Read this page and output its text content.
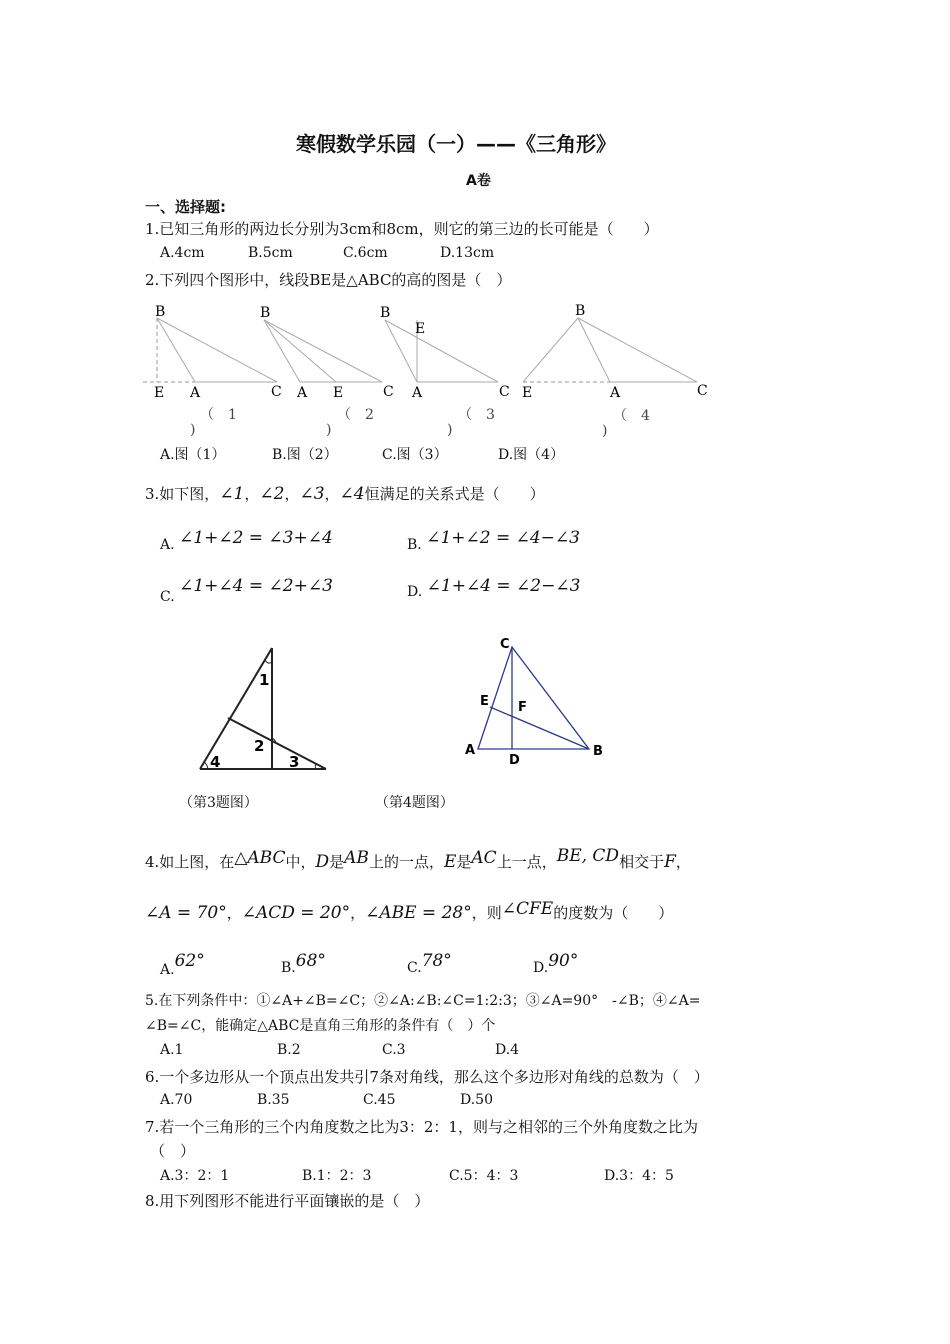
寒假数学乐园（一）——《三角形》
A卷
一、选择题:
1.已知三角形的两边长分别为3cm和8cm，则它的第三边的长可能是（　　）
A.4cm	B.5cm	C.6cm	D.13cm
2.下列四个图形中，线段BE是△ABC的高的图是（　）
B
E A	C
B
A E	C
B
E
A	C
B
E	A	C
（　1
)
（　2
)
（　3
)
（　4
)
A.图（1）	B.图（2）	C.图（3）	D.图（4）
3.如下图，∠1，∠2，∠3，∠4恒满足的关系式是（　　）
A. ∠1+∠2 = ∠3+∠4	B. ∠1+∠2 = ∠4−∠3
C. ∠1+∠4 = ∠2+∠3	D. ∠1+∠4 = ∠2−∠3
1
2
3
4
（第3题图）
C
E F
A
D
B
（第4题图）
4.如上图，在△ABC中，D是AB上的一点，E是AC上一点，BE, CD相交于F，
∠A = 70°，∠ACD = 20°，∠ABE = 28°，则∠CFE的度数为（　　）
A.62°	B.68°	C.78°	D.90°
5.在下列条件中：①∠A+∠B=∠C；②∠A:∠B:∠C=1:2:3；③∠A=90°　-∠B；④∠A=
∠B=∠C，能确定△ABC是直角三角形的条件有（　）个
A.1	B.2	C.3	D.4
6.一个多边形从一个顶点出发共引7条对角线，那么这个多边形对角线的总数为（　）
A.70	B.35	C.45	D.50
7.若一个三角形的三个内角度数之比为3：2：1，则与之相邻的三个外角度数之比为
（　）
A.3：2：1	B.1：2：3	C.5：4：3	D.3：4：5
8.用下列图形不能进行平面镶嵌的是（　）
